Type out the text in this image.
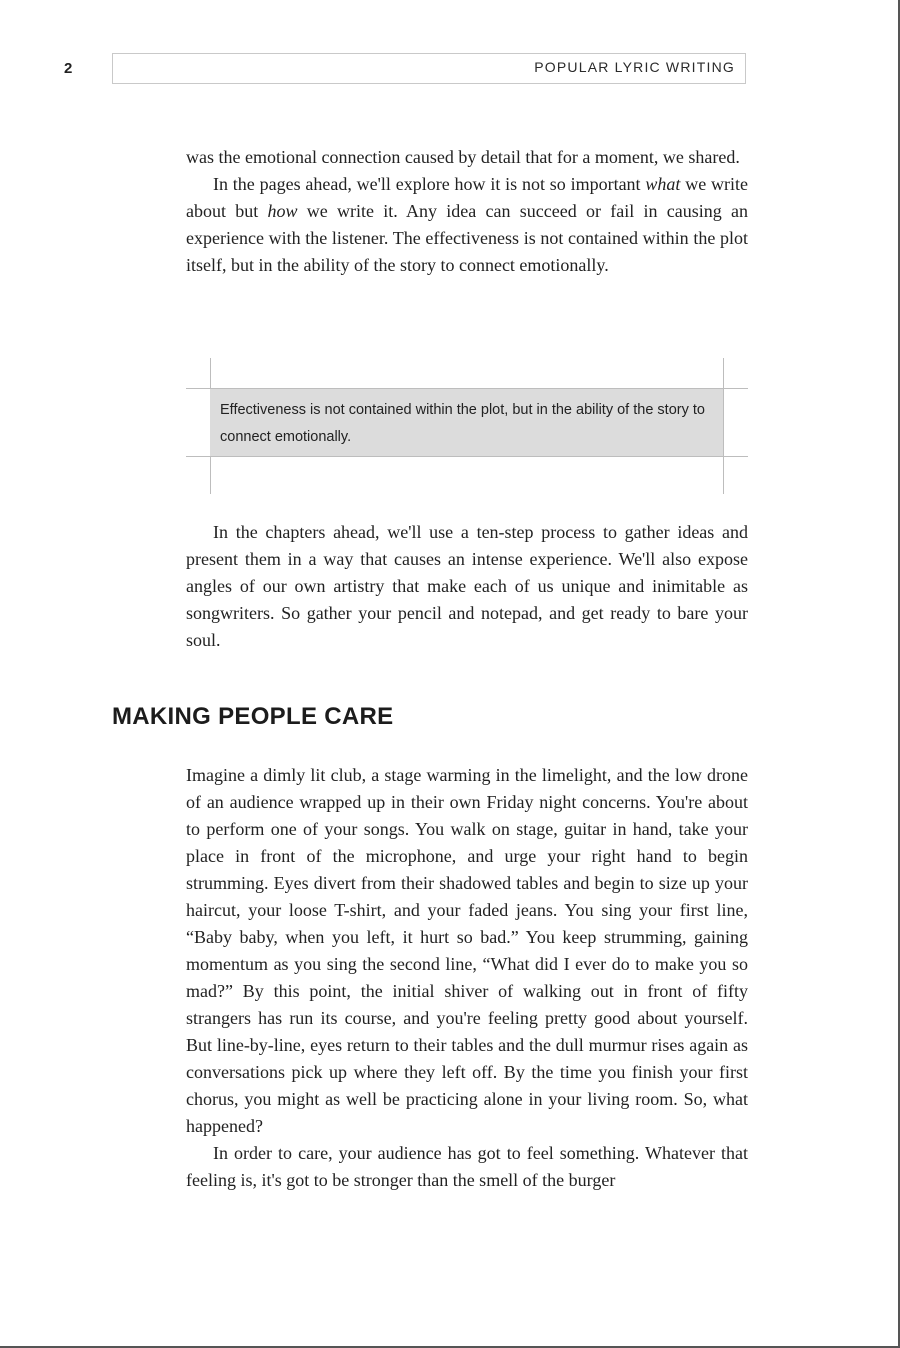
2	POPULAR LYRIC WRITING

was the emotional connection caused by detail that for a moment, we shared.

In the pages ahead, we'll explore how it is not so important what we write about but how we write it. Any idea can succeed or fail in causing an experience with the listener. The effectiveness is not contained within the plot itself, but in the ability of the story to connect emotionally.

Effectiveness is not contained within the plot, but in the ability of the story to connect emotionally.

In the chapters ahead, we'll use a ten-step process to gather ideas and present them in a way that causes an intense experience. We'll also expose angles of our own artistry that make each of us unique and inimitable as songwriters. So gather your pencil and notepad, and get ready to bare your soul.

MAKING PEOPLE CARE

Imagine a dimly lit club, a stage warming in the limelight, and the low drone of an audience wrapped up in their own Friday night concerns. You're about to perform one of your songs. You walk on stage, guitar in hand, take your place in front of the microphone, and urge your right hand to begin strumming. Eyes divert from their shadowed tables and begin to size up your haircut, your loose T-shirt, and your faded jeans. You sing your first line, “Baby baby, when you left, it hurt so bad.” You keep strumming, gaining momentum as you sing the second line, “What did I ever do to make you so mad?” By this point, the initial shiver of walking out in front of fifty strangers has run its course, and you're feeling pretty good about yourself. But line-by-line, eyes return to their tables and the dull murmur rises again as conversations pick up where they left off. By the time you finish your first chorus, you might as well be practicing alone in your living room. So, what happened?

In order to care, your audience has got to feel something. Whatever that feeling is, it's got to be stronger than the smell of the burger
